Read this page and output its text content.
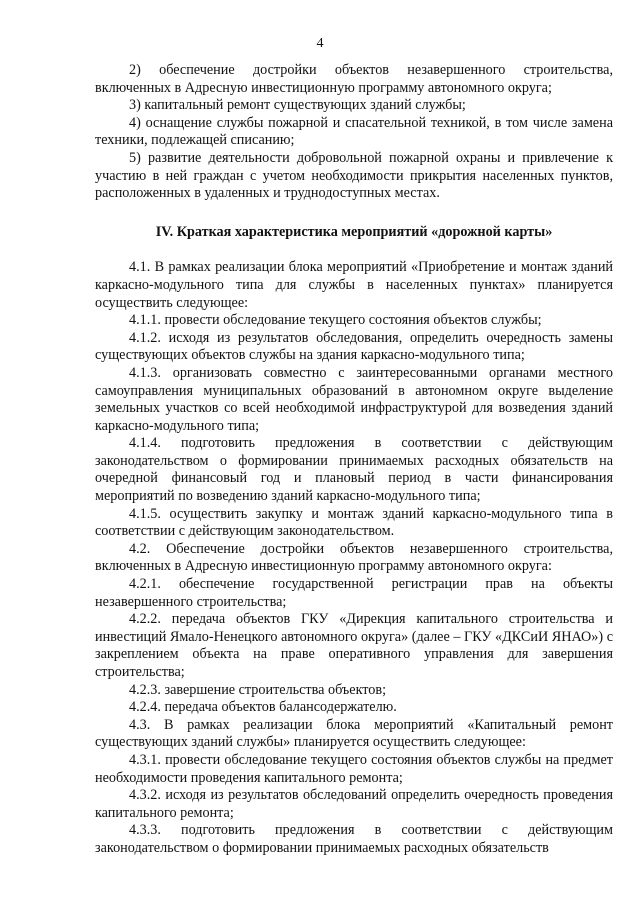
4

2) обеспечение достройки объектов незавершенного строительства, включенных в Адресную инвестиционную программу автономного округа;

3) капитальный ремонт существующих зданий службы;

4) оснащение службы пожарной и спасательной техникой, в том числе замена техники, подлежащей списанию;

5) развитие деятельности добровольной пожарной охраны и привлечение к участию в ней граждан с учетом необходимости прикрытия населенных пунктов, расположенных в удаленных и труднодоступных местах.

IV. Краткая характеристика мероприятий «дорожной карты»

4.1. В рамках реализации блока мероприятий «Приобретение и монтаж зданий каркасно-модульного типа для службы в населенных пунктах» планируется осуществить следующее:

4.1.1. провести обследование текущего состояния объектов службы;

4.1.2. исходя из результатов обследования, определить очередность замены существующих объектов службы на здания каркасно-модульного типа;

4.1.3. организовать совместно с заинтересованными органами местного самоуправления муниципальных образований в автономном округе выделение земельных участков со всей необходимой инфраструктурой для возведения зданий каркасно-модульного типа;

4.1.4. подготовить предложения в соответствии с действующим законодательством о формировании принимаемых расходных обязательств на очередной финансовый год и плановый период в части финансирования мероприятий по возведению зданий каркасно-модульного типа;

4.1.5. осуществить закупку и монтаж зданий каркасно-модульного типа в соответствии с действующим законодательством.

4.2. Обеспечение достройки объектов незавершенного строительства, включенных в Адресную инвестиционную программу автономного округа:

4.2.1. обеспечение государственной регистрации прав на объекты незавершенного строительства;

4.2.2. передача объектов ГКУ «Дирекция капитального строительства и инвестиций Ямало-Ненецкого автономного округа» (далее – ГКУ «ДКСиИ ЯНАО») с закреплением объекта на праве оперативного управления для завершения строительства;

4.2.3. завершение строительства объектов;

4.2.4. передача объектов балансодержателю.

4.3. В рамках реализации блока мероприятий «Капитальный ремонт существующих зданий службы» планируется осуществить следующее:

4.3.1. провести обследование текущего состояния объектов службы на предмет необходимости проведения капитального ремонта;

4.3.2. исходя из результатов обследований определить очередность проведения капитального ремонта;

4.3.3. подготовить предложения в соответствии с действующим законодательством о формировании принимаемых расходных обязательств
